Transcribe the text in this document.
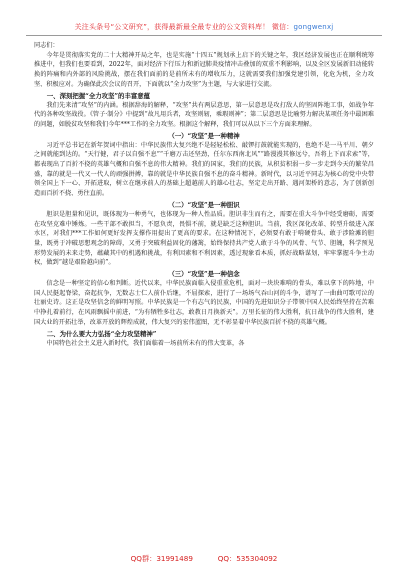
关注头条号“公文研究”，获得最新最全最专业的公文资料库！ 微信：gongwenxj

同志们：

今年是贯彻落实党的二十大精神开局之年，也是实施“十四五”规划承上启下的关键之年，我区经济发展也正在顺利统筹推进中，但我们也要看到，2022年，面对经济下行压力和新冠肺炎疫情冲击叠加的双重不利影响，以及全区发展新旧动能转换的阵痛和内外部的风险挑战，摆在我们面前的是前所未有的增收压力，这就需要我们加强党建引领，化危为机，全力攻坚、积极应对。为确保此次会议的召开，下面就以“全力攻坚”为主题，与大家进行交流。

一、深刻把握“全力攻坚”的丰富意蕴

我们先来清“攻坚”的内涵。根据辞海的解释，“攻坚”共有两层意思，第一层意思是攻打敌人的坚固阵地工事，如战争年代的各种攻坚战役。《管子·制分》中提到“故凡用兵者，攻坚则轫，乘瑕则神”；第二层意思是比喻努力解决某项任务中最困难的问题，如脱贫攻坚和我们今年***工作的全力攻坚。根据这个解释，我们可以从以下三个方面来理解。

（一）“攻坚”是一种精神

习近平总书记在新年贺词中指出：中华民族伟大复兴绝不是轻轻松松、敲锣打鼓就能实现的，也绝不是一马平川、朝夕之间就能到达的。“天行健，君子以自强不息”“千磨万击还坚劲，任尔东西南北风”“路漫漫其修远兮，吾将上下而求索”等，都表现出了百折不挠的英雄气概和自强不息的伟大精神。我们的国家，我们的民族，从积贫积弱一步一步走到今天的繁荣昌盛，靠的就是一代又一代人的顽强拼搏，靠的就是中华民族自强不息的奋斗精神。新时代，以习近平同志为核心的党中央带领全国上下一心、开拓进取，树立在继承前人的基础上超越前人的雄心壮志，坚定走出开路、遇河架桥的意志，为了创新创造而百折不挠、勇往直前。

（二）“攻坚”是一种胆识

胆识是胆量和见识，既体现为一种勇气，也体现为一种人性品质。胆识非生而有之，需要在重大斗争中经受磨砺，需要在攻坚克难中锤炼。一些干部不敢担当，不愿负责，畏惧不前，就是缺乏这种胆识。当前，我区深化改革、转型升级进入深水区，对我们***工作如何更好发挥支撑作用提出了更高的要求。在这种情况下，必须要有敢于啃硬骨头、敢于涉险滩的胆量，既勇于冲破思想观念的障碍，又勇于突破利益固化的藩篱，始终保持共产党人敢于斗争的风骨、气节、胆魄，科学预见形势发展的未来走势，蕴藏其中的机遇和挑战，有利因素和不利因素，透过现象看本质，抓好战略谋划，牢牢掌握斗争主动权，做到“越是艰险越向前”。

（三）“攻坚”是一种信念

信念是一种坚定的信心和判断。近代以来，中华民族面临入侵重重危机，面对一块块难啃的骨头，难以拿下的阵地，中国人民挺起脊梁，奋起抗争，无数志士仁人前仆后继，不屈探索，进行了一场场气吞山河的斗争，谱写了一曲曲可歌可泣的壮丽史诗。这正是攻坚信念的鲜明写照。中华民族是一个有志气的民族，中国的先进知识分子带领中国人民始终坚持在苦难中挣扎着前行，在风雨飘摇中前进，“为有牺牲多壮志，敢教日月换新天”。万里长征的伟大胜利，抗日战争的伟大胜利，建国大业的开拓壮举，改革开放的辉煌成就，伟大复兴的宏伟蓝图，无不彰显着中华民族百折不挠的英雄气概。

二、为什么要大力弘扬“全力攻坚精神”

中国特色社会主义进入新时代，我们面临着一场前所未有的伟大变革，各

QQ群：31991489	QQ：535304092
